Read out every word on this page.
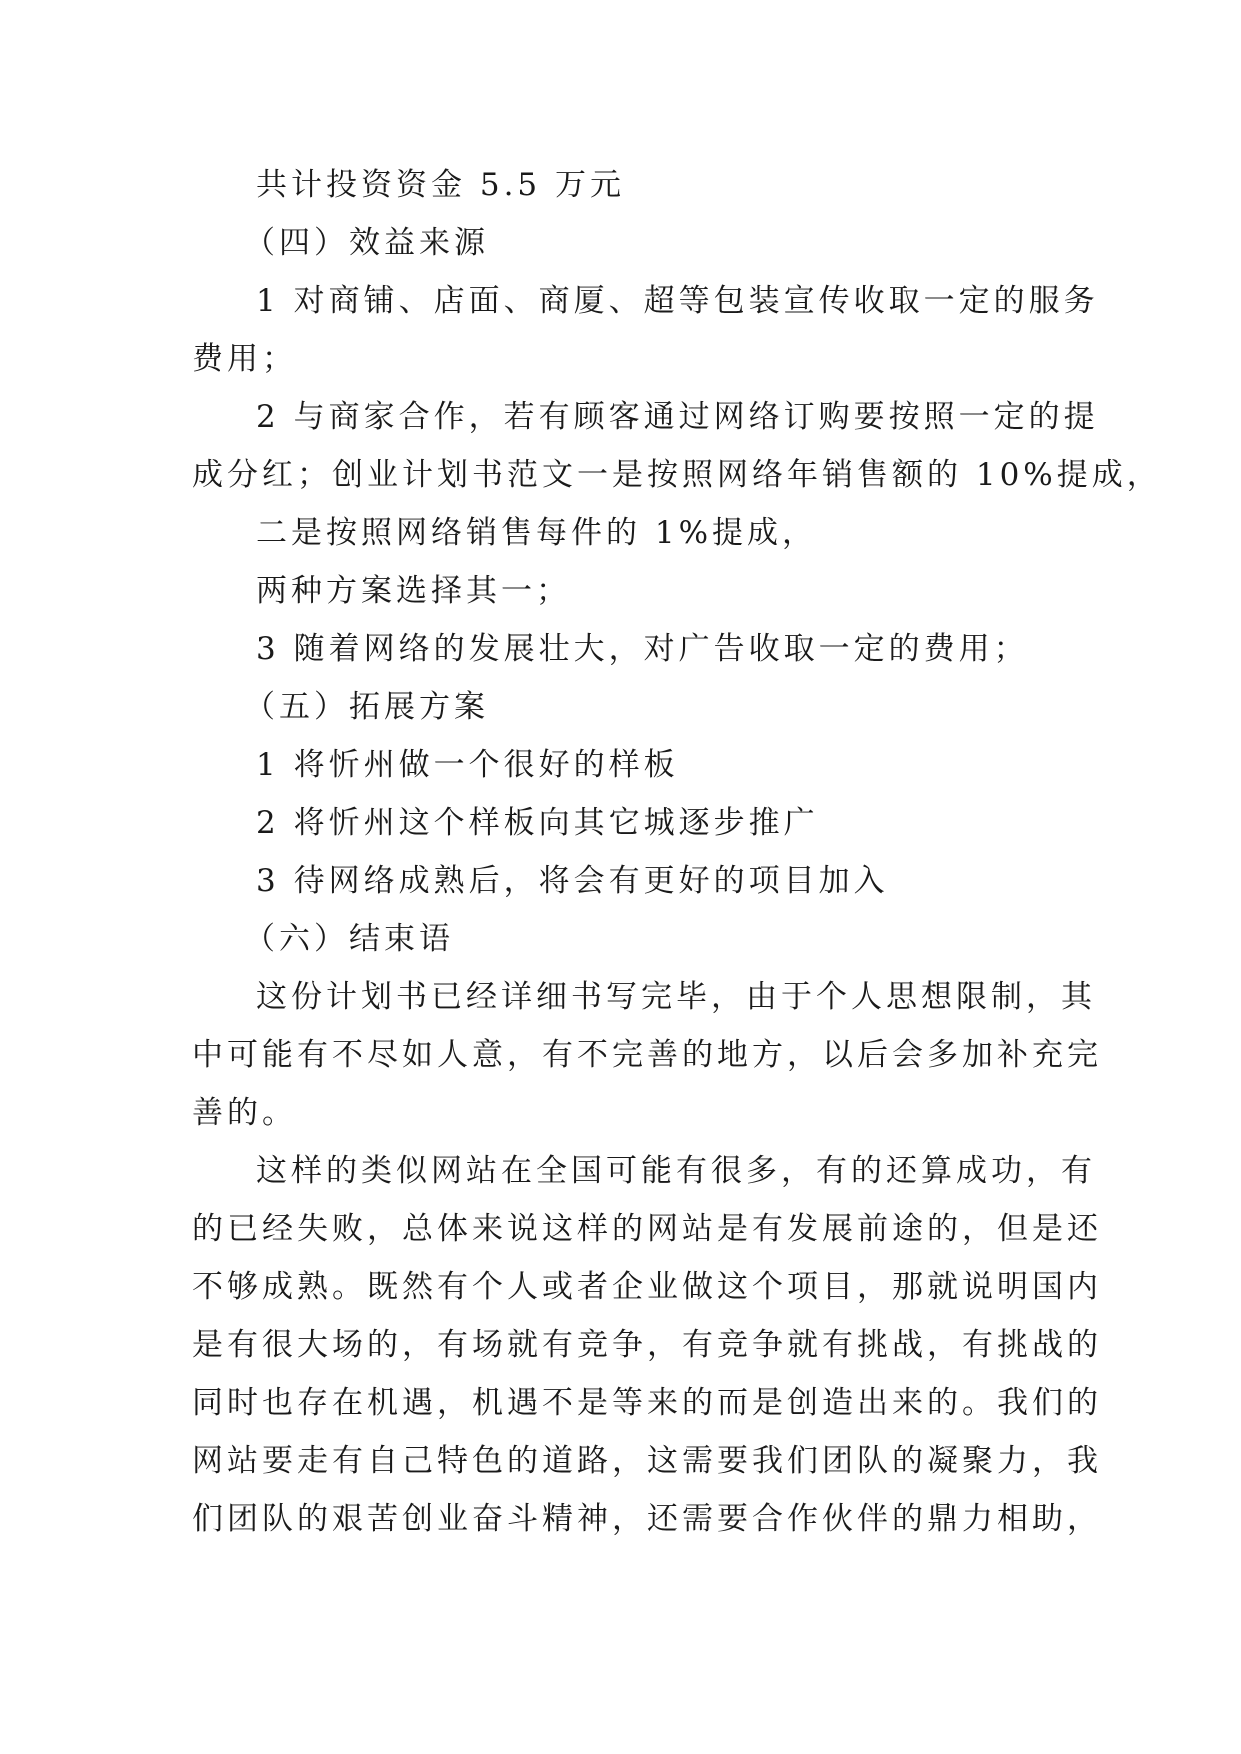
共计投资资金 5.5 万元
（四）效益来源
1 对商铺、店面、商厦、超等包装宣传收取一定的服务
费用；
2 与商家合作，若有顾客通过网络订购要按照一定的提
成分红；创业计划书范文一是按照网络年销售额的 10%提成，
二是按照网络销售每件的 1%提成，
两种方案选择其一；
3 随着网络的发展壮大，对广告收取一定的费用；
（五）拓展方案
1 将忻州做一个很好的样板
2 将忻州这个样板向其它城逐步推广
3 待网络成熟后，将会有更好的项目加入
（六）结束语
这份计划书已经详细书写完毕，由于个人思想限制，其
中可能有不尽如人意，有不完善的地方，以后会多加补充完
善的。
这样的类似网站在全国可能有很多，有的还算成功，有
的已经失败，总体来说这样的网站是有发展前途的，但是还
不够成熟。既然有个人或者企业做这个项目，那就说明国内
是有很大场的，有场就有竞争，有竞争就有挑战，有挑战的
同时也存在机遇，机遇不是等来的而是创造出来的。我们的
网站要走有自己特色的道路，这需要我们团队的凝聚力，我
们团队的艰苦创业奋斗精神，还需要合作伙伴的鼎力相助，
